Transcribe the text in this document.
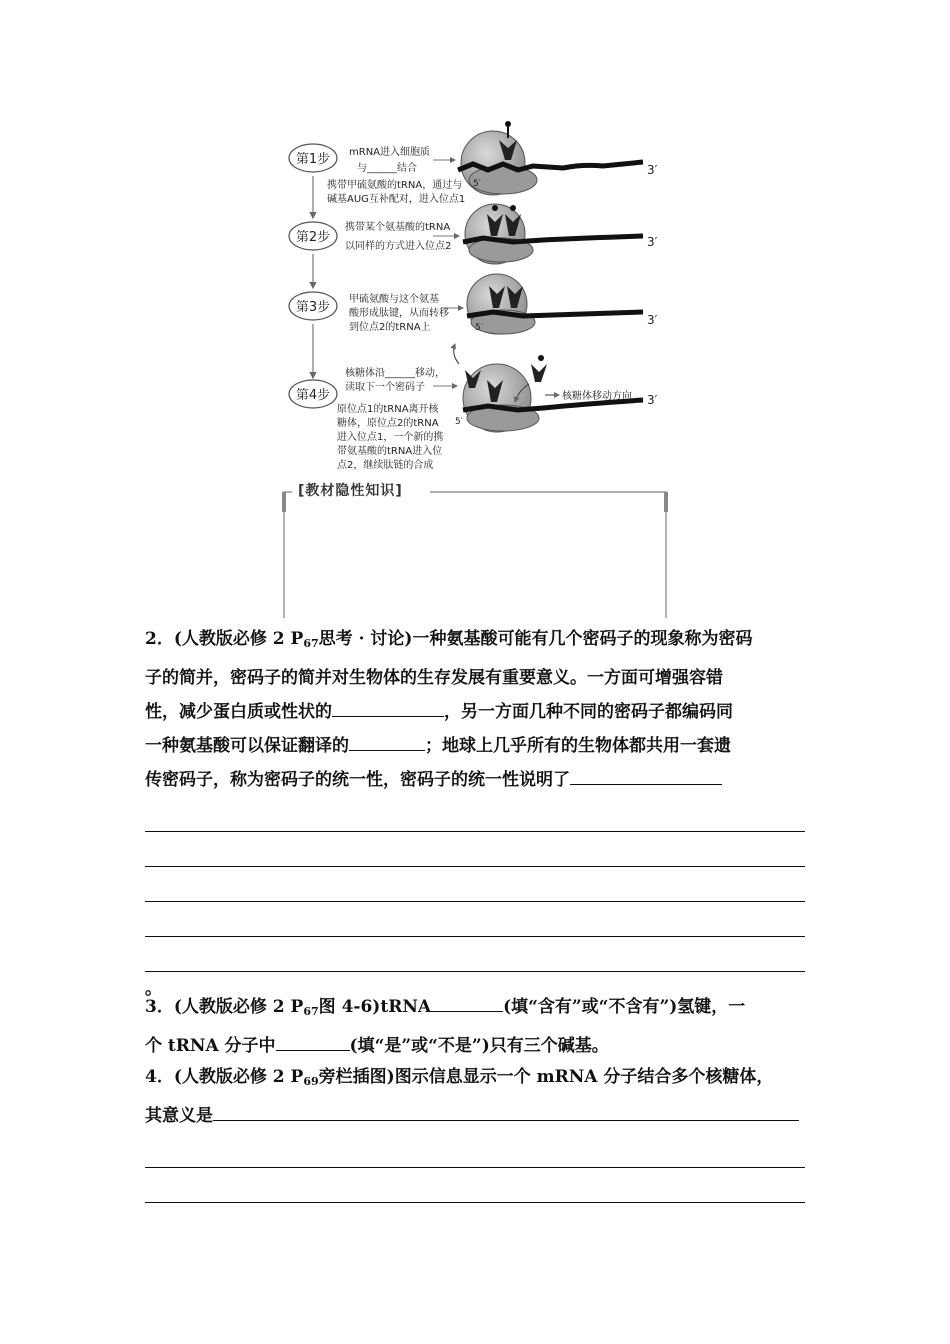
第1步 mRNA进入细胞质
与______结合
携带甲硫氨酸的tRNA，通过与
碱基AUG互补配对，进入位点1
3′
5′
第2步
携带某个氨基酸的tRNA
以同样的方式进入位点2	3′
第3步
甲硫氨酸与这个氨基
酸形成肽键，从而转移
到位点2的tRNA上
3′
5′
第4步
核糖体沿______移动，
读取下一个密码子
原位点1的tRNA离开核
糖体，原位点2的tRNA
进入位点1，一个新的携
带氨基酸的tRNA进入位
点2，继续肽链的合成
核糖体移动方向 3′
5′
[教材隐性知识]

2．(人教版必修 2 $P_{67}$思考 · 讨论)一种氨基酸可能有几个密码子的现象称为密码

子的简并，密码子的简并对生物体的生存发展有重要意义。一方面可增强容错

性，减少蛋白质或性状的	，另一方面几种不同的密码子都编码同

一种氨基酸可以保证翻译的	；地球上几乎所有的生物体都共用一套遗

传密码子，称为密码子的统一性，密码子的统一性说明了

。

3．(人教版必修 2 $P_{67}$图 4-6)tRNA	(填“含有”或“不含有”)氢键，一

个 tRNA 分子中	(填“是”或“不是”)只有三个碱基。

4．(人教版必修 2 $P_{69}$旁栏插图)图示信息显示一个 mRNA 分子结合多个核糖体，

其意义是
